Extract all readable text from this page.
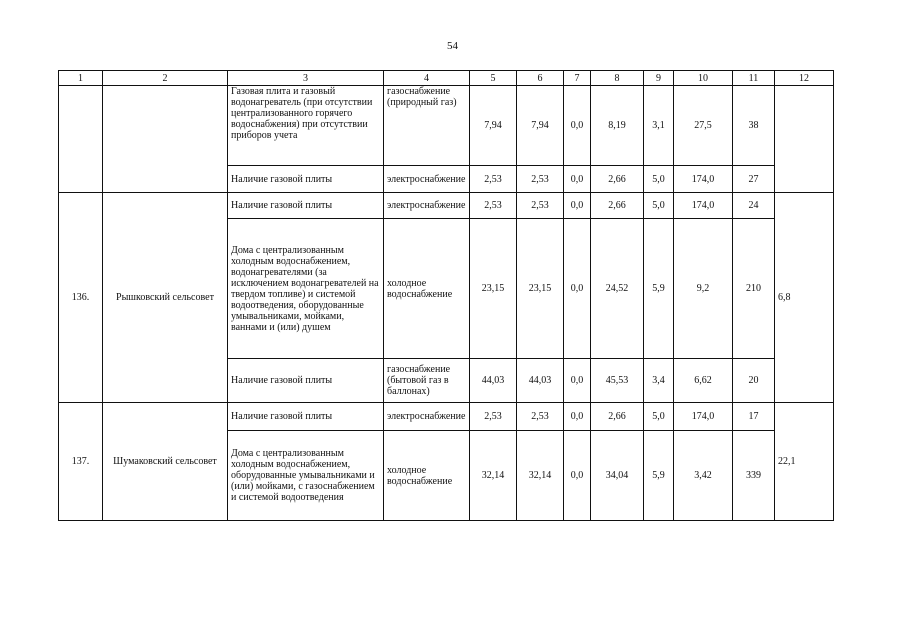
54
1	2	3	4	5	6	7	8	9	10	11	12
		Газовая плита и газовый водонагреватель (при отсутствии централизованного горячего водоснабжения) при отсутствии приборов учета	газоснабжение (природный газ)	7,94	7,94	0,0	8,19	3,1	27,5	38	
		Наличие газовой плиты	электроснабжение	2,53	2,53	0,0	2,66	5,0	174,0	27	
136.	Рышковский сельсовет	Наличие газовой плиты	электроснабжение	2,53	2,53	0,0	2,66	5,0	174,0	24	6,8
		Дома с централизованным холодным водоснабжением, водонагревателями (за исключением водонагревателей на твердом топливе) и системой водоотведения, оборудованные умывальниками, мойками, ваннами и (или) душем	холодное водоснабжение	23,15	23,15	0,0	24,52	5,9	9,2	210	
		Наличие газовой плиты	газоснабжение (бытовой газ в баллонах)	44,03	44,03	0,0	45,53	3,4	6,62	20	
137.	Шумаковский сельсовет	Наличие газовой плиты	электроснабжение	2,53	2,53	0,0	2,66	5,0	174,0	17	22,1
		Дома с централизованным холодным водоснабжением, оборудованные умывальниками и (или) мойками, с газоснабжением и системой водоотведения	холодное водоснабжение	32,14	32,14	0,0	34,04	5,9	3,42	339	
